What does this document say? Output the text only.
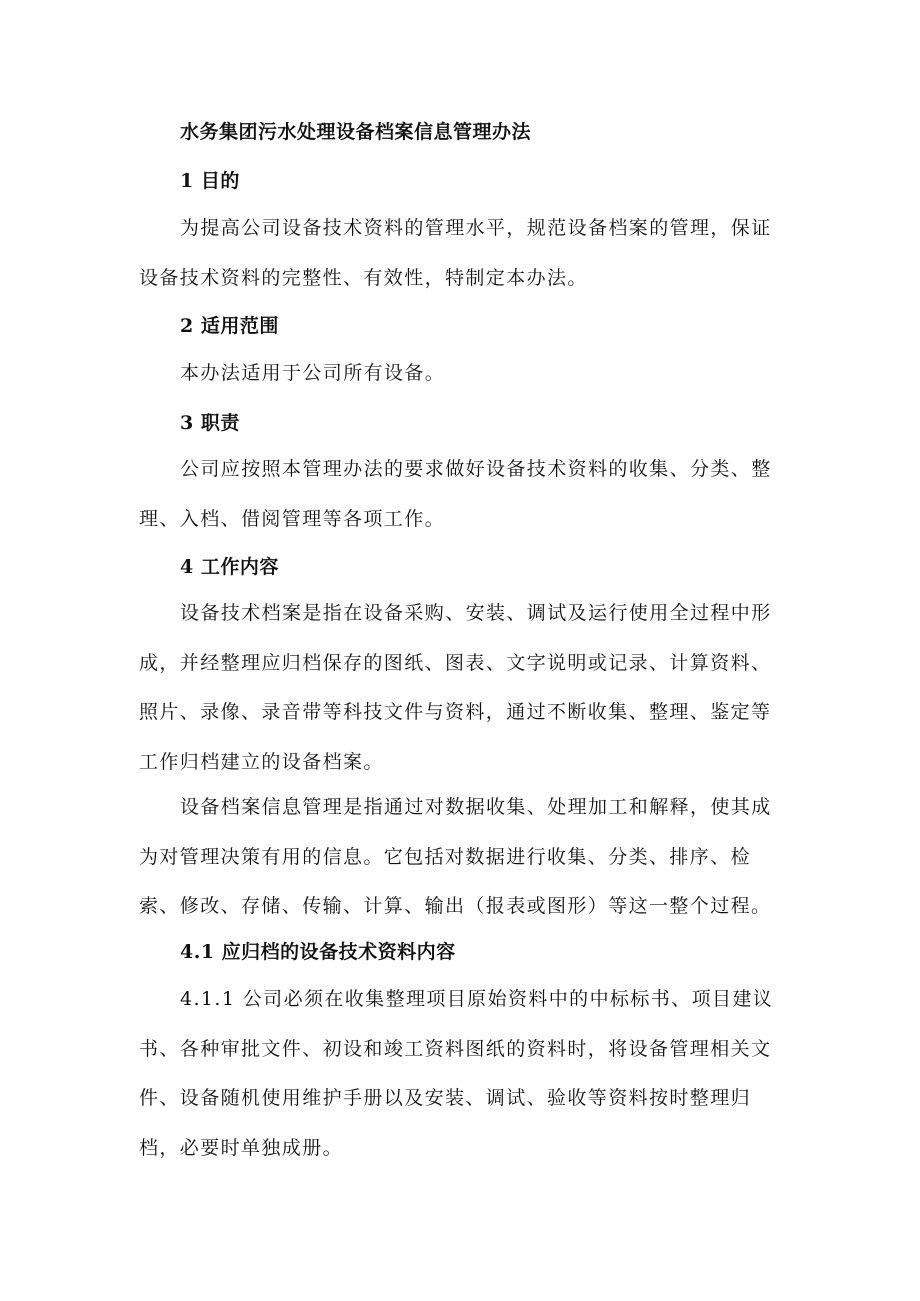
水务集团污水处理设备档案信息管理办法
1 目的

为提高公司设备技术资料的管理水平，规范设备档案的管理，保证设备技术资料的完整性、有效性，特制定本办法。

2 适用范围

本办法适用于公司所有设备。

3 职责

公司应按照本管理办法的要求做好设备技术资料的收集、分类、整理、入档、借阅管理等各项工作。

4 工作内容

设备技术档案是指在设备采购、安装、调试及运行使用全过程中形成，并经整理应归档保存的图纸、图表、文字说明或记录、计算资料、照片、录像、录音带等科技文件与资料，通过不断收集、整理、鉴定等工作归档建立的设备档案。

设备档案信息管理是指通过对数据收集、处理加工和解释，使其成为对管理决策有用的信息。它包括对数据进行收集、分类、排序、检索、修改、存储、传输、计算、输出（报表或图形）等这一整个过程。

4.1 应归档的设备技术资料内容

4.1.1 公司必须在收集整理项目原始资料中的中标标书、项目建议书、各种审批文件、初设和竣工资料图纸的资料时，将设备管理相关文件、设备随机使用维护手册以及安装、调试、验收等资料按时整理归档，必要时单独成册。
